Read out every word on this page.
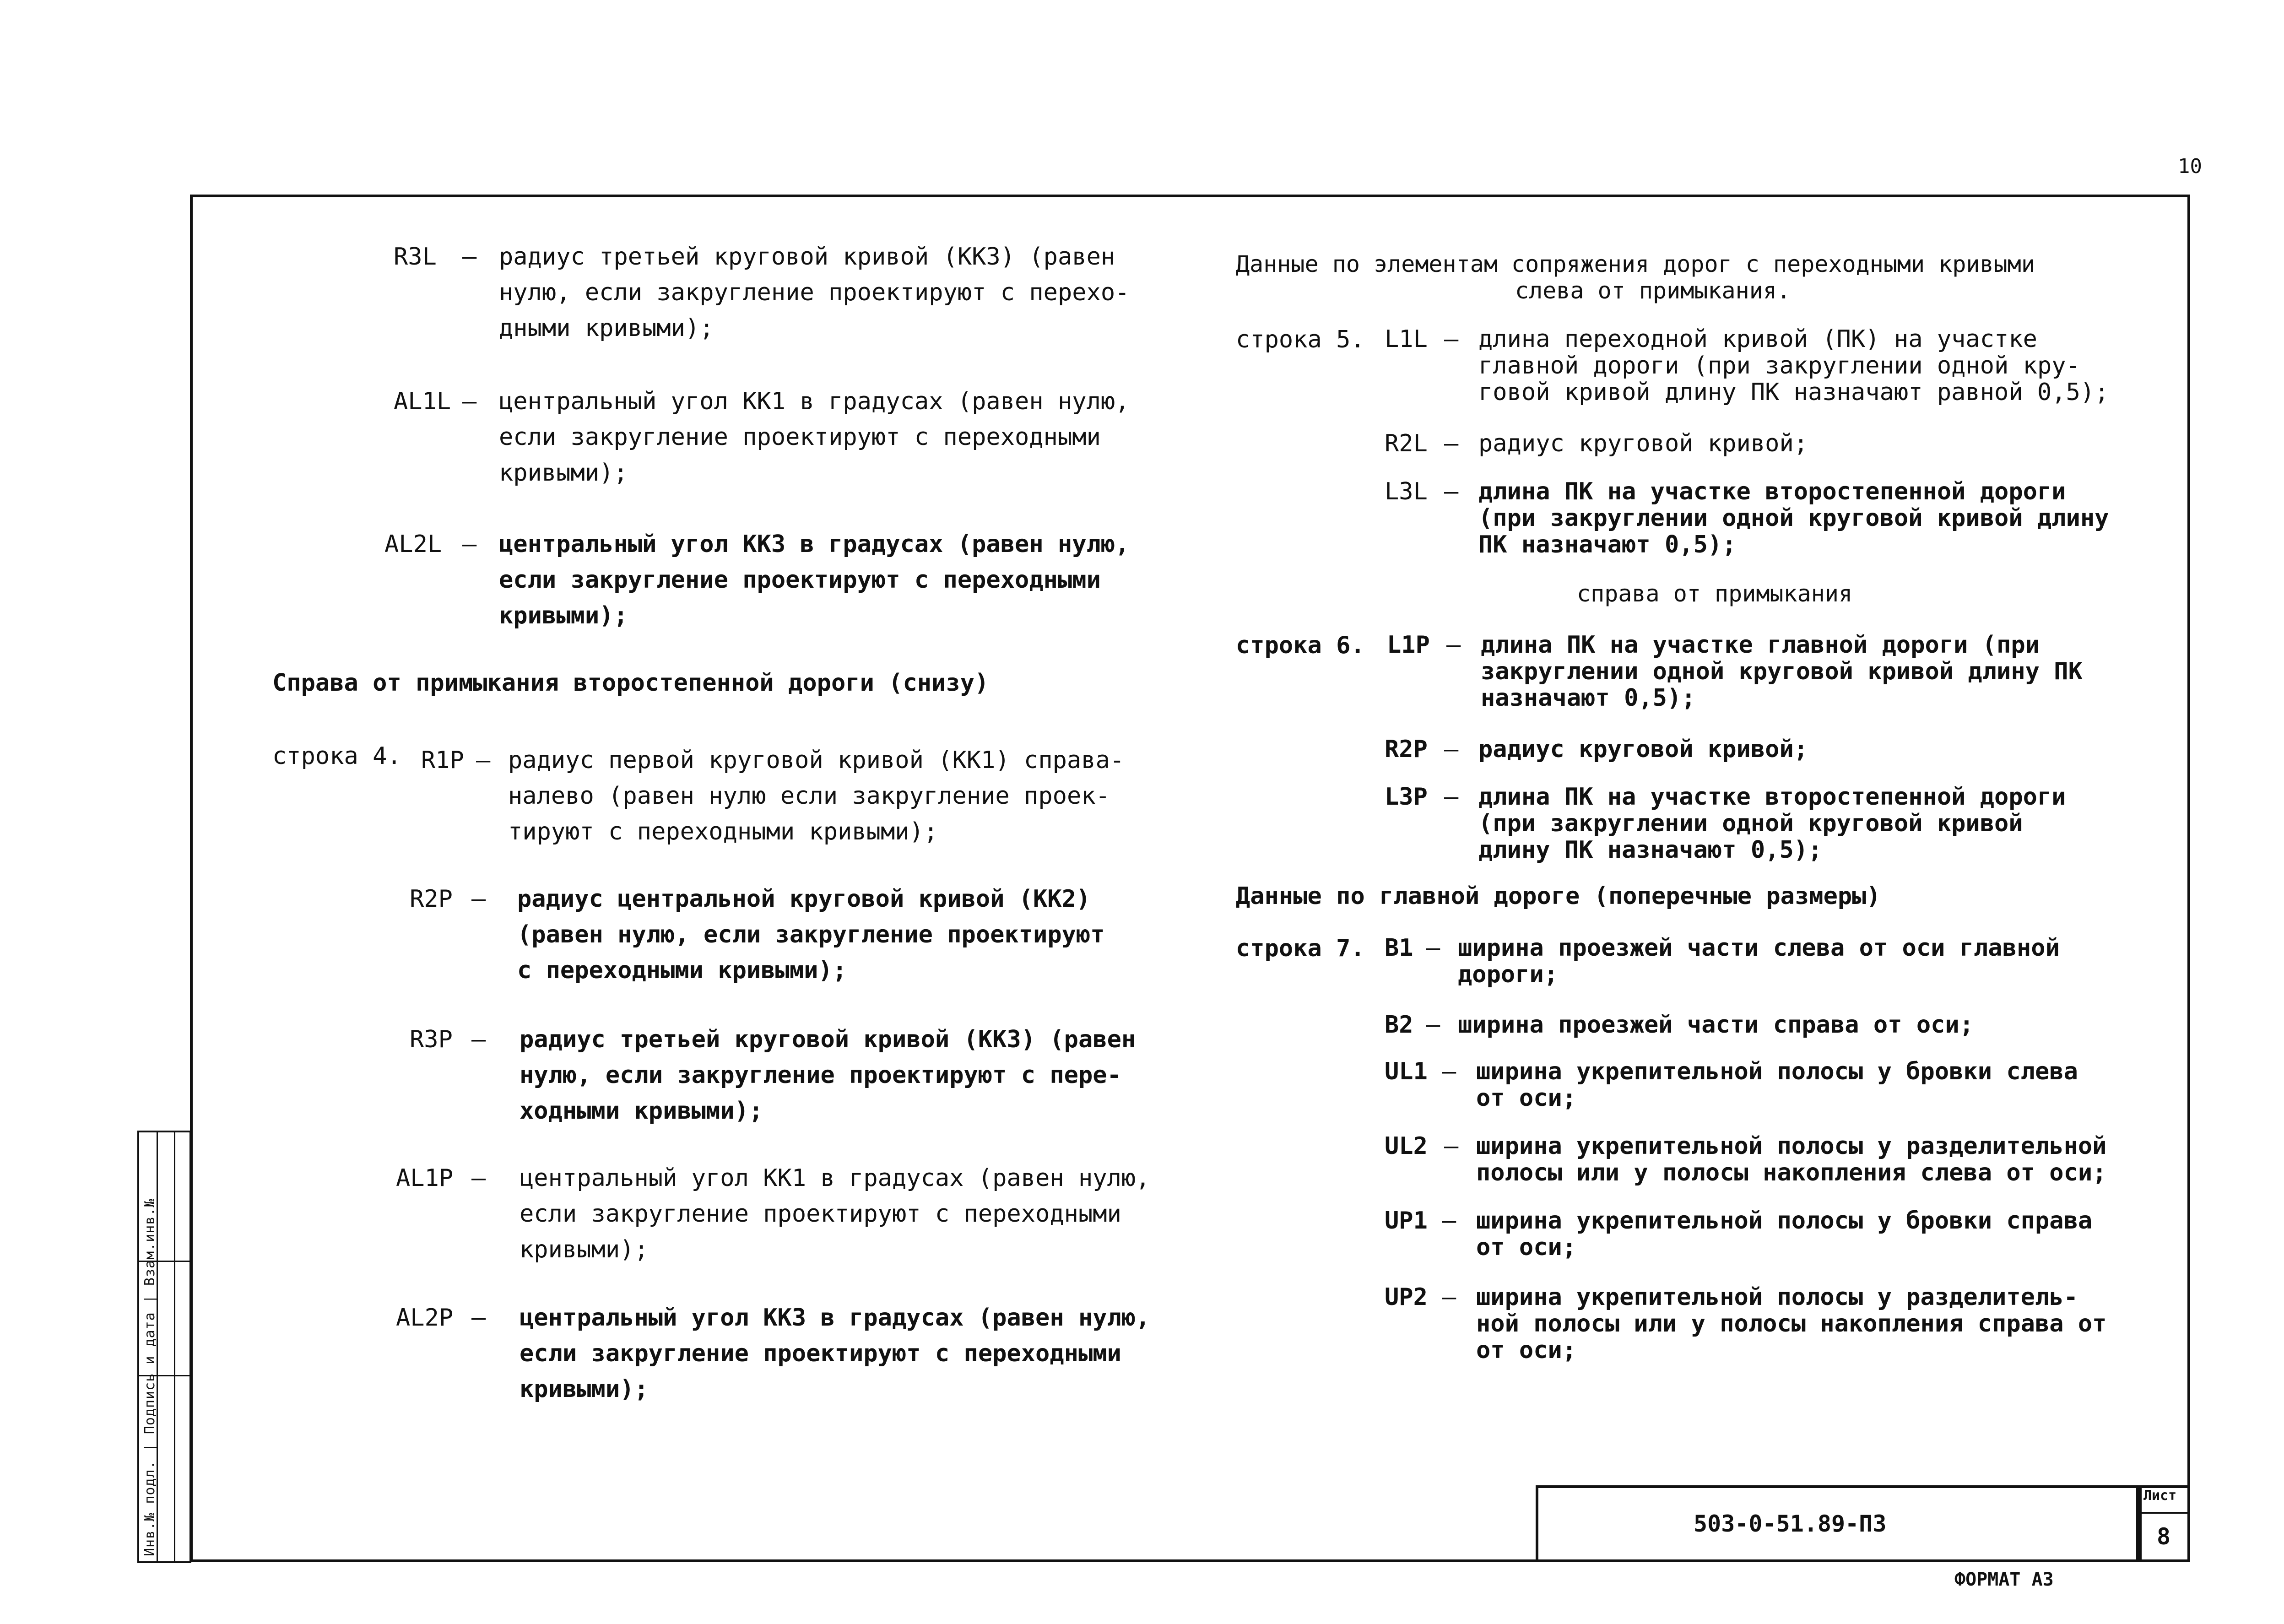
10
Инв.№ подл. | Подпись и дата | Взам.инв.№
R3L – радиус третьей круговой кривой (КК3) (равен
нулю, если закругление проектируют с перехо-
дными кривыми);
AL1L – центральный угол КК1 в градусах (равен нулю,
если закругление проектируют с переходными
кривыми);
AL2L – центральный угол КК3 в градусах (равен нулю,
если закругление проектируют с переходными
кривыми);
Справа от примыкания второстепенной дороги (снизу)
строка 4. R1P – радиус первой круговой кривой (КК1) справа-
налево (равен нулю если закругление проек-
тируют с переходными кривыми);
R2P – радиус центральной круговой кривой (КК2)
(равен нулю, если закругление проектируют
с переходными кривыми);
R3P – радиус третьей круговой кривой (КК3) (равен
нулю, если закругление проектируют с пере-
ходными кривыми);
AL1P – центральный угол КК1 в градусах (равен нулю,
если закругление проектируют с переходными
кривыми);
AL2P – центральный угол КК3 в градусах (равен нулю,
если закругление проектируют с переходными
кривыми);
Данные по элементам сопряжения дорог с переходными кривыми
слева от примыкания.
строка 5. L1L – длина переходной кривой (ПК) на участке
главной дороги (при закруглении одной кру-
говой кривой длину ПК назначают равной 0,5);
R2L – радиус круговой кривой;
L3L – длина ПК на участке второстепенной дороги
(при закруглении одной круговой кривой длину
ПК назначают 0,5);
справа от примыкания
строка 6. L1P – длина ПК на участке главной дороги (при
закруглении одной круговой кривой длину ПК
назначают 0,5);
R2P – радиус круговой кривой;
L3P – длина ПК на участке второстепенной дороги
(при закруглении одной круговой кривой
длину ПК назначают 0,5);
Данные по главной дороге (поперечные размеры)
строка 7. B1 – ширина проезжей части слева от оси главной
дороги;
B2 – ширина проезжей части справа от оси;
UL1 – ширина укрепительной полосы у бровки слева
от оси;
UL2 – ширина укрепительной полосы у разделительной
полосы или у полосы накопления слева от оси;
UP1 – ширина укрепительной полосы у бровки справа
от оси;
UP2 – ширина укрепительной полосы у разделитель-
ной полосы или у полосы накопления справа от
от оси;
503-0-51.89-ПЗ
Лист
8
ФОРМАТ А3
